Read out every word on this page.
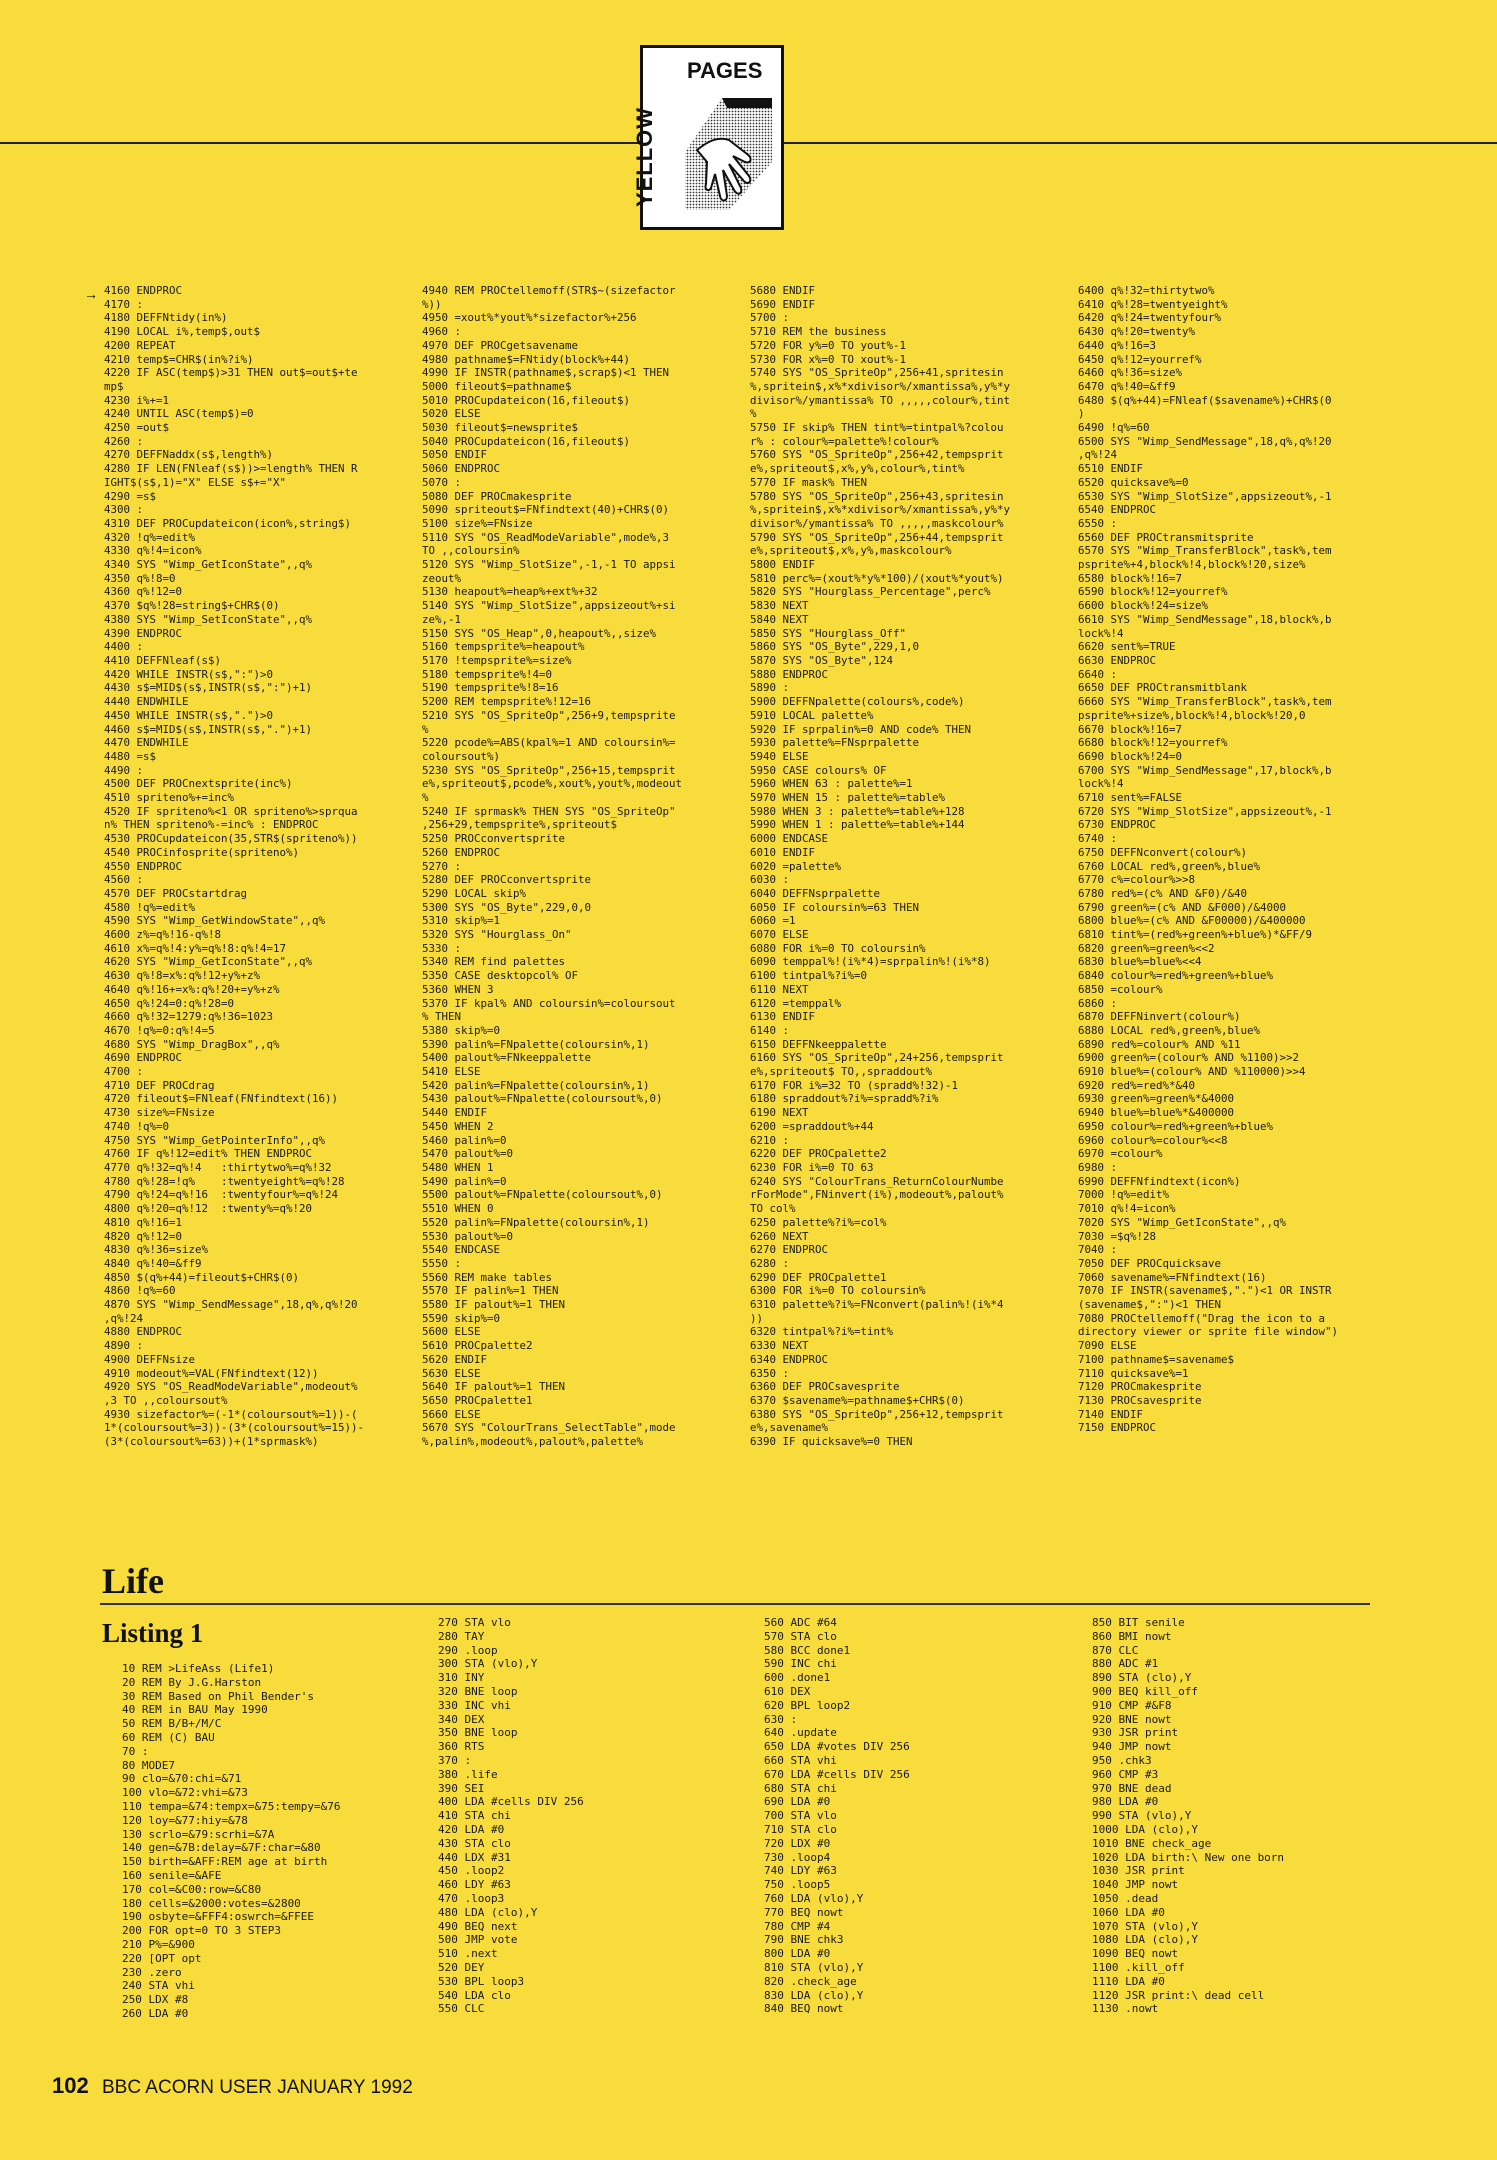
YELLOW
PAGES
→ 4160 ENDPROC
4170 :
4180 DEFFNtidy(in%)
4190 LOCAL i%,temp$,out$
4200 REPEAT
4210 temp$=CHR$(in%?i%)
4220 IF ASC(temp$)>31 THEN out$=out$+te
mp$
4230 i%+=1
4240 UNTIL ASC(temp$)=0
4250 =out$
4260 :
4270 DEFFNaddx(s$,length%)
4280 IF LEN(FNleaf(s$))>=length% THEN R
IGHT$(s$,1)="X" ELSE s$+="X"
4290 =s$
4300 :
4310 DEF PROCupdateicon(icon%,string$)
4320 !q%=edit%
4330 q%!4=icon%
4340 SYS "Wimp_GetIconState",,q%
4350 q%!8=0
4360 q%!12=0
4370 $q%!28=string$+CHR$(0)
4380 SYS "Wimp_SetIconState",,q%
4390 ENDPROC
4400 :
4410 DEFFNleaf(s$)
4420 WHILE INSTR(s$,":")>0
4430 s$=MID$(s$,INSTR(s$,":")+1)
4440 ENDWHILE
4450 WHILE INSTR(s$,".")>0
4460 s$=MID$(s$,INSTR(s$,".")+1)
4470 ENDWHILE
4480 =s$
4490 :
4500 DEF PROCnextsprite(inc%)
4510 spriteno%+=inc%
4520 IF spriteno%<1 OR spriteno%>sprqua
n% THEN spriteno%-=inc% : ENDPROC
4530 PROCupdateicon(35,STR$(spriteno%))
4540 PROCinfosprite(spriteno%)
4550 ENDPROC
4560 :
4570 DEF PROCstartdrag
4580 !q%=edit%
4590 SYS "Wimp_GetWindowState",,q%
4600 z%=q%!16-q%!8
4610 x%=q%!4:y%=q%!8:q%!4=17
4620 SYS "Wimp_GetIconState",,q%
4630 q%!8=x%:q%!12+y%+z%
4640 q%!16+=x%:q%!20+=y%+z%
4650 q%!24=0:q%!28=0
4660 q%!32=1279:q%!36=1023
4670 !q%=0:q%!4=5
4680 SYS "Wimp_DragBox",,q%
4690 ENDPROC
4700 :
4710 DEF PROCdrag
4720 fileout$=FNleaf(FNfindtext(16))
4730 size%=FNsize
4740 !q%=0
4750 SYS "Wimp_GetPointerInfo",,q%
4760 IF q%!12=edit% THEN ENDPROC
4770 q%!32=q%!4   :thirtytwo%=q%!32
4780 q%!28=!q%    :twentyeight%=q%!28
4790 q%!24=q%!16  :twentyfour%=q%!24
4800 q%!20=q%!12  :twenty%=q%!20
4810 q%!16=1
4820 q%!12=0
4830 q%!36=size%
4840 q%!40=&ff9
4850 $(q%+44)=fileout$+CHR$(0)
4860 !q%=60
4870 SYS "Wimp_SendMessage",18,q%,q%!20
,q%!24
4880 ENDPROC
4890 :
4900 DEFFNsize
4910 modeout%=VAL(FNfindtext(12))
4920 SYS "OS_ReadModeVariable",modeout%
,3 TO ,,coloursout%
4930 sizefactor%=(-1*(coloursout%=1))-(
1*(coloursout%=3))-(3*(coloursout%=15))-
(3*(coloursout%=63))+(1*sprmask%)
4940 REM PROCtellemoff(STR$~(sizefactor
%))
4950 =xout%*yout%*sizefactor%+256
4960 :
4970 DEF PROCgetsavename
4980 pathname$=FNtidy(block%+44)
4990 IF INSTR(pathname$,scrap$)<1 THEN
5000 fileout$=pathname$
5010 PROCupdateicon(16,fileout$)
5020 ELSE
5030 fileout$=newsprite$
5040 PROCupdateicon(16,fileout$)
5050 ENDIF
5060 ENDPROC
5070 :
5080 DEF PROCmakesprite
5090 spriteout$=FNfindtext(40)+CHR$(0)
5100 size%=FNsize
5110 SYS "OS_ReadModeVariable",mode%,3
TO ,,coloursin%
5120 SYS "Wimp_SlotSize",-1,-1 TO appsi
zeout%
5130 heapout%=heap%+ext%+32
5140 SYS "Wimp_SlotSize",appsizeout%+si
ze%,-1
5150 SYS "OS_Heap",0,heapout%,,size%
5160 tempsprite%=heapout%
5170 !tempsprite%=size%
5180 tempsprite%!4=0
5190 tempsprite%!8=16
5200 REM tempsprite%!12=16
5210 SYS "OS_SpriteOp",256+9,tempsprite
%
5220 pcode%=ABS(kpal%=1 AND coloursin%=
coloursout%)
5230 SYS "OS_SpriteOp",256+15,tempsprit
e%,spriteout$,pcode%,xout%,yout%,modeout
%
5240 IF sprmask% THEN SYS "OS_SpriteOp"
,256+29,tempsprite%,spriteout$
5250 PROCconvertsprite
5260 ENDPROC
5270 :
5280 DEF PROCconvertsprite
5290 LOCAL skip%
5300 SYS "OS_Byte",229,0,0
5310 skip%=1
5320 SYS "Hourglass_On"
5330 :
5340 REM find palettes
5350 CASE desktopcol% OF
5360 WHEN 3
5370 IF kpal% AND coloursin%=coloursout
% THEN
5380 skip%=0
5390 palin%=FNpalette(coloursin%,1)
5400 palout%=FNkeeppalette
5410 ELSE
5420 palin%=FNpalette(coloursin%,1)
5430 palout%=FNpalette(coloursout%,0)
5440 ENDIF
5450 WHEN 2
5460 palin%=0
5470 palout%=0
5480 WHEN 1
5490 palin%=0
5500 palout%=FNpalette(coloursout%,0)
5510 WHEN 0
5520 palin%=FNpalette(coloursin%,1)
5530 palout%=0
5540 ENDCASE
5550 :
5560 REM make tables
5570 IF palin%=1 THEN
5580 IF palout%=1 THEN
5590 skip%=0
5600 ELSE
5610 PROCpalette2
5620 ENDIF
5630 ELSE
5640 IF palout%=1 THEN
5650 PROCpalette1
5660 ELSE
5670 SYS "ColourTrans_SelectTable",mode
%,palin%,modeout%,palout%,palette%
5680 ENDIF
5690 ENDIF
5700 :
5710 REM the business
5720 FOR y%=0 TO yout%-1
5730 FOR x%=0 TO xout%-1
5740 SYS "OS_SpriteOp",256+41,spritesin
%,spritein$,x%*xdivisor%/xmantissa%,y%*y
divisor%/ymantissa% TO ,,,,,colour%,tint
%
5750 IF skip% THEN tint%=tintpal%?colou
r% : colour%=palette%!colour%
5760 SYS "OS_SpriteOp",256+42,tempsprit
e%,spriteout$,x%,y%,colour%,tint%
5770 IF mask% THEN
5780 SYS "OS_SpriteOp",256+43,spritesin
%,spritein$,x%*xdivisor%/xmantissa%,y%*y
divisor%/ymantissa% TO ,,,,,maskcolour%
5790 SYS "OS_SpriteOp",256+44,tempsprit
e%,spriteout$,x%,y%,maskcolour%
5800 ENDIF
5810 perc%=(xout%*y%*100)/(xout%*yout%)
5820 SYS "Hourglass_Percentage",perc%
5830 NEXT
5840 NEXT
5850 SYS "Hourglass_Off"
5860 SYS "OS_Byte",229,1,0
5870 SYS "OS_Byte",124
5880 ENDPROC
5890 :
5900 DEFFNpalette(colours%,code%)
5910 LOCAL palette%
5920 IF sprpalin%=0 AND code% THEN
5930 palette%=FNsprpalette
5940 ELSE
5950 CASE colours% OF
5960 WHEN 63 : palette%=1
5970 WHEN 15 : palette%=table%
5980 WHEN 3 : palette%=table%+128
5990 WHEN 1 : palette%=table%+144
6000 ENDCASE
6010 ENDIF
6020 =palette%
6030 :
6040 DEFFNsprpalette
6050 IF coloursin%=63 THEN
6060 =1
6070 ELSE
6080 FOR i%=0 TO coloursin%
6090 temppal%!(i%*4)=sprpalin%!(i%*8)
6100 tintpal%?i%=0
6110 NEXT
6120 =temppal%
6130 ENDIF
6140 :
6150 DEFFNkeeppalette
6160 SYS "OS_SpriteOp",24+256,tempsprit
e%,spriteout$ TO,,spraddout%
6170 FOR i%=32 TO (spradd%!32)-1
6180 spraddout%?i%=spradd%?i%
6190 NEXT
6200 =spraddout%+44
6210 :
6220 DEF PROCpalette2
6230 FOR i%=0 TO 63
6240 SYS "ColourTrans_ReturnColourNumbe
rForMode",FNinvert(i%),modeout%,palout%
TO col%
6250 palette%?i%=col%
6260 NEXT
6270 ENDPROC
6280 :
6290 DEF PROCpalette1
6300 FOR i%=0 TO coloursin%
6310 palette%?i%=FNconvert(palin%!(i%*4
))
6320 tintpal%?i%=tint%
6330 NEXT
6340 ENDPROC
6350 :
6360 DEF PROCsavesprite
6370 $savename%=pathname$+CHR$(0)
6380 SYS "OS_SpriteOp",256+12,tempsprit
e%,savename%
6390 IF quicksave%=0 THEN
6400 q%!32=thirtytwo%
6410 q%!28=twentyeight%
6420 q%!24=twentyfour%
6430 q%!20=twenty%
6440 q%!16=3
6450 q%!12=yourref%
6460 q%!36=size%
6470 q%!40=&ff9
6480 $(q%+44)=FNleaf($savename%)+CHR$(0
)
6490 !q%=60
6500 SYS "Wimp_SendMessage",18,q%,q%!20
,q%!24
6510 ENDIF
6520 quicksave%=0
6530 SYS "Wimp_SlotSize",appsizeout%,-1
6540 ENDPROC
6550 :
6560 DEF PROCtransmitsprite
6570 SYS "Wimp_TransferBlock",task%,tem
psprite%+4,block%!4,block%!20,size%
6580 block%!16=7
6590 block%!12=yourref%
6600 block%!24=size%
6610 SYS "Wimp_SendMessage",18,block%,b
lock%!4
6620 sent%=TRUE
6630 ENDPROC
6640 :
6650 DEF PROCtransmitblank
6660 SYS "Wimp_TransferBlock",task%,tem
psprite%+size%,block%!4,block%!20,0
6670 block%!16=7
6680 block%!12=yourref%
6690 block%!24=0
6700 SYS "Wimp_SendMessage",17,block%,b
lock%!4
6710 sent%=FALSE
6720 SYS "Wimp_SlotSize",appsizeout%,-1
6730 ENDPROC
6740 :
6750 DEFFNconvert(colour%)
6760 LOCAL red%,green%,blue%
6770 c%=colour%>>8
6780 red%=(c% AND &F0)/&40
6790 green%=(c% AND &F000)/&4000
6800 blue%=(c% AND &F00000)/&400000
6810 tint%=(red%+green%+blue%)*&FF/9
6820 green%=green%<<2
6830 blue%=blue%<<4
6840 colour%=red%+green%+blue%
6850 =colour%
6860 :
6870 DEFFNinvert(colour%)
6880 LOCAL red%,green%,blue%
6890 red%=colour% AND %11
6900 green%=(colour% AND %1100)>>2
6910 blue%=(colour% AND %110000)>>4
6920 red%=red%*&40
6930 green%=green%*&4000
6940 blue%=blue%*&400000
6950 colour%=red%+green%+blue%
6960 colour%=colour%<<8
6970 =colour%
6980 :
6990 DEFFNfindtext(icon%)
7000 !q%=edit%
7010 q%!4=icon%
7020 SYS "Wimp_GetIconState",,q%
7030 =$q%!28
7040 :
7050 DEF PROCquicksave
7060 savename%=FNfindtext(16)
7070 IF INSTR(savename$,".")<1 OR INSTR
(savename$,":")<1 THEN
7080 PROCtellemoff("Drag the icon to a
directory viewer or sprite file window")
7090 ELSE
7100 pathname$=savename$
7110 quicksave%=1
7120 PROCmakesprite
7130 PROCsavesprite
7140 ENDIF
7150 ENDPROC
Life
Listing 1
10 REM >LifeAss (Life1)
20 REM By J.G.Harston
30 REM Based on Phil Bender's
40 REM in BAU May 1990
50 REM B/B+/M/C
60 REM (C) BAU
70 :
80 MODE7
90 clo=&70:chi=&71
100 vlo=&72:vhi=&73
110 tempa=&74:tempx=&75:tempy=&76
120 loy=&77:hiy=&78
130 scrlo=&79:scrhi=&7A
140 gen=&7B:delay=&7F:char=&80
150 birth=&AFF:REM age at birth
160 senile=&AFE
170 col=&C00:row=&C80
180 cells=&2000:votes=&2800
190 osbyte=&FFF4:oswrch=&FFEE
200 FOR opt=0 TO 3 STEP3
210 P%=&900
220 [OPT opt
230 .zero
240 STA vhi
250 LDX #8
260 LDA #0
270 STA vlo
280 TAY
290 .loop
300 STA (vlo),Y
310 INY
320 BNE loop
330 INC vhi
340 DEX
350 BNE loop
360 RTS
370 :
380 .life
390 SEI
400 LDA #cells DIV 256
410 STA chi
420 LDA #0
430 STA clo
440 LDX #31
450 .loop2
460 LDY #63
470 .loop3
480 LDA (clo),Y
490 BEQ next
500 JMP vote
510 .next
520 DEY
530 BPL loop3
540 LDA clo
550 CLC
560 ADC #64
570 STA clo
580 BCC done1
590 INC chi
600 .done1
610 DEX
620 BPL loop2
630 :
640 .update
650 LDA #votes DIV 256
660 STA vhi
670 LDA #cells DIV 256
680 STA chi
690 LDA #0
700 STA vlo
710 STA clo
720 LDX #0
730 .loop4
740 LDY #63
750 .loop5
760 LDA (vlo),Y
770 BEQ nowt
780 CMP #4
790 BNE chk3
800 LDA #0
810 STA (vlo),Y
820 .check_age
830 LDA (clo),Y
840 BEQ nowt
850 BIT senile
860 BMI nowt
870 CLC
880 ADC #1
890 STA (clo),Y
900 BEQ kill_off
910 CMP #&F8
920 BNE nowt
930 JSR print
940 JMP nowt
950 .chk3
960 CMP #3
970 BNE dead
980 LDA #0
990 STA (vlo),Y
1000 LDA (clo),Y
1010 BNE check_age
1020 LDA birth:\ New one born
1030 JSR print
1040 JMP nowt
1050 .dead
1060 LDA #0
1070 STA (vlo),Y
1080 LDA (clo),Y
1090 BEQ nowt
1100 .kill_off
1110 LDA #0
1120 JSR print:\ dead cell
1130 .nowt
102 BBC ACORN USER JANUARY 1992
